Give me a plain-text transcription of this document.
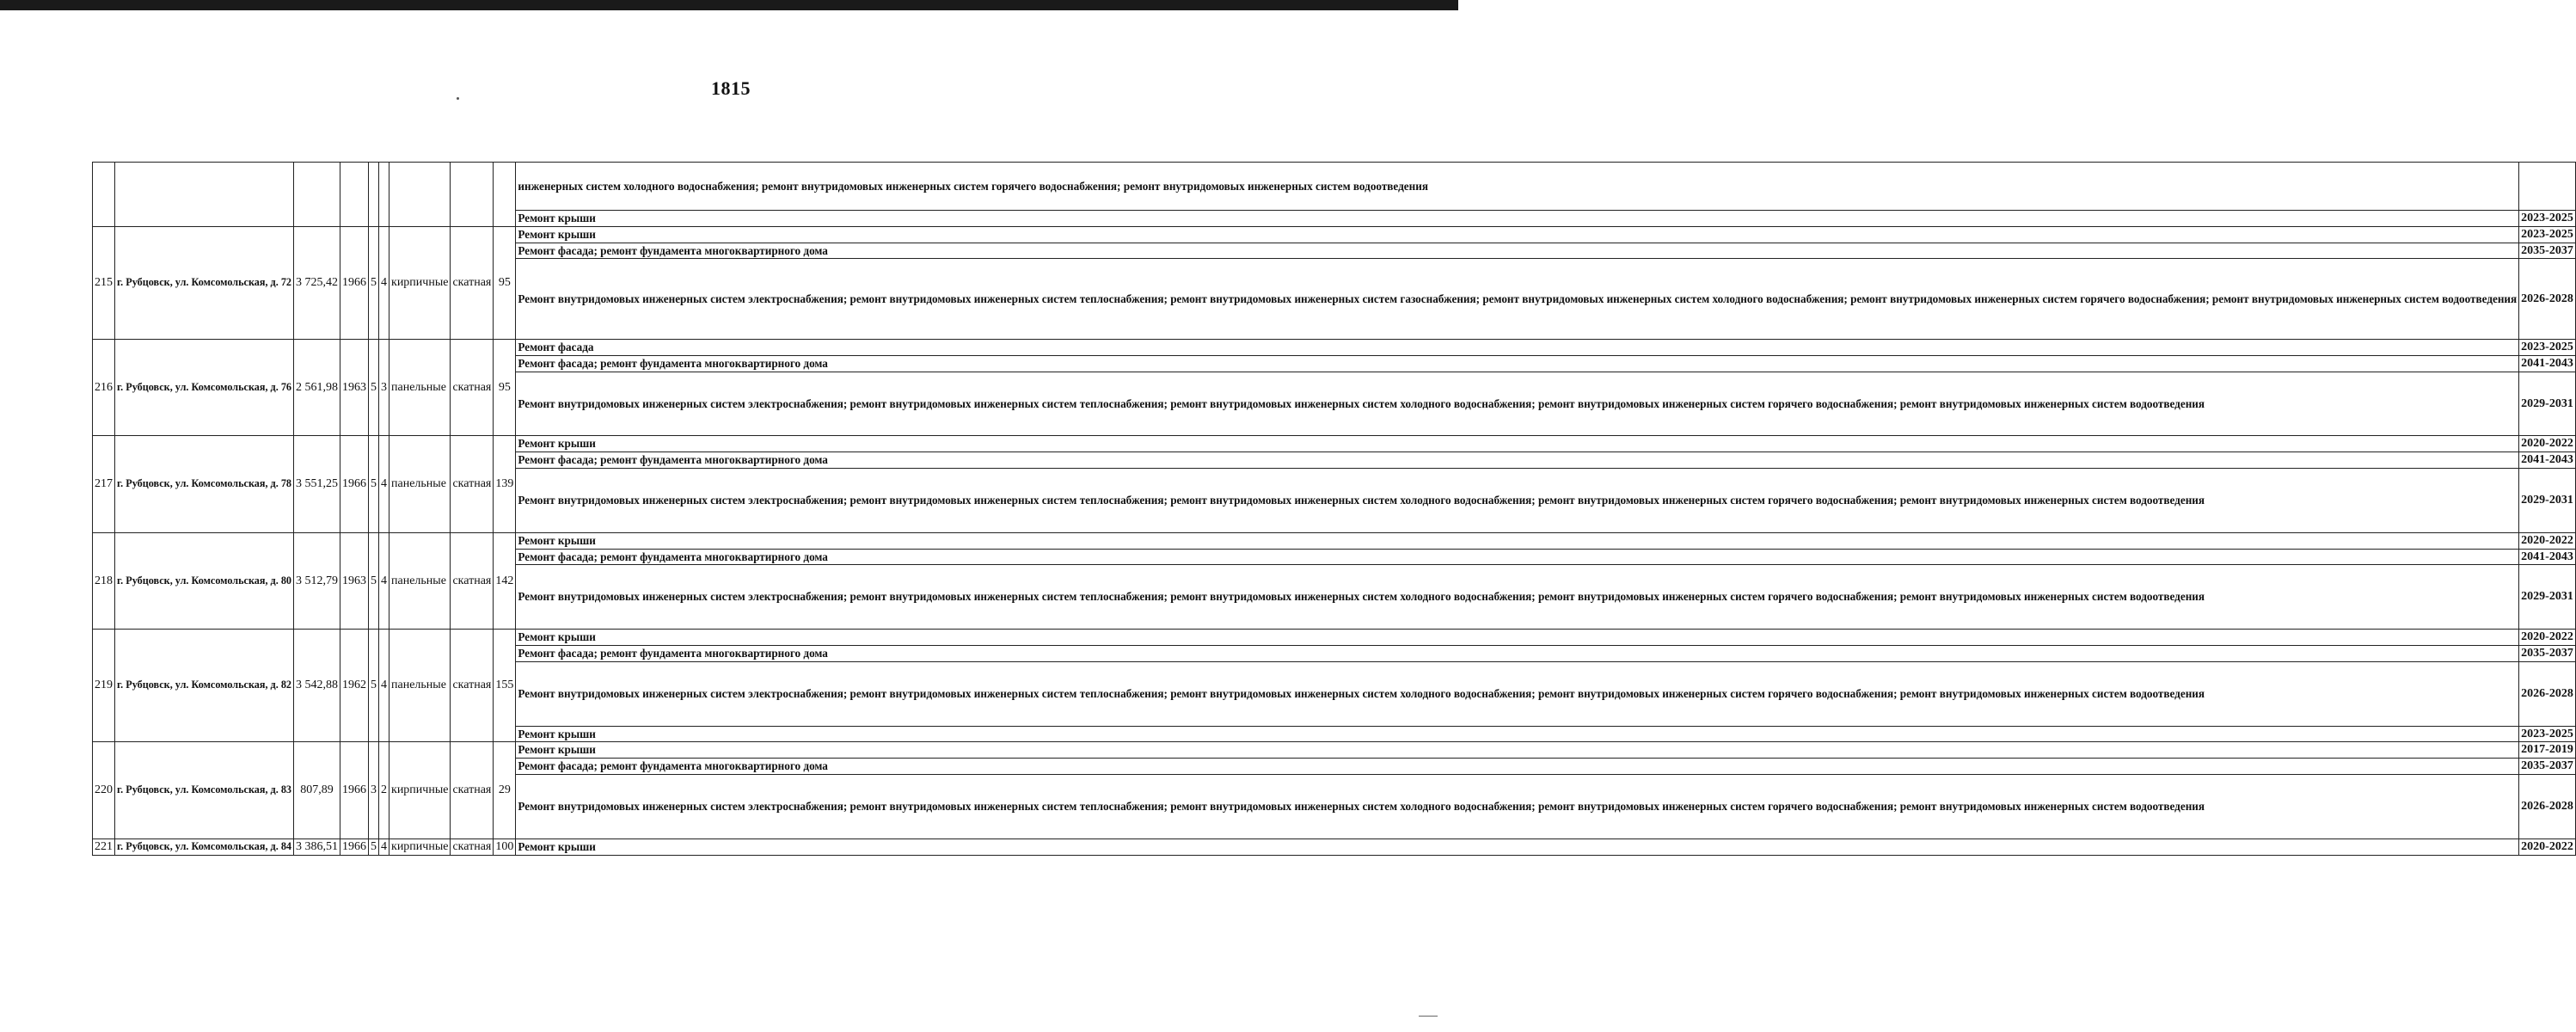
1815
									инженерных систем холодного водоснабжения; ремонт внутридомовых инженерных систем горячего водоснабжения; ремонт внутридомовых инженерных систем водоотведения	
									Ремонт крыши	2023-2025
215	г. Рубцовск, ул. Комсомольская, д. 72	3 725,42	1966	5	4	кирпичные	скатная	95	Ремонт крыши	2023-2025
									Ремонт фасада; ремонт фундамента многоквартирного дома	2035-2037
									Ремонт внутридомовых инженерных систем электроснабжения; ремонт внутридомовых инженерных систем теплоснабжения; ремонт внутридомовых инженерных систем газоснабжения; ремонт внутридомовых инженерных систем холодного водоснабжения; ремонт внутридомовых инженерных систем горячего водоснабжения; ремонт внутридомовых инженерных систем водоотведения	2026-2028
216	г. Рубцовск, ул. Комсомольская, д. 76	2 561,98	1963	5	3	панельные	скатная	95	Ремонт фасада	2023-2025
									Ремонт фасада; ремонт фундамента многоквартирного дома	2041-2043
									Ремонт внутридомовых инженерных систем электроснабжения; ремонт внутридомовых инженерных систем теплоснабжения; ремонт внутридомовых инженерных систем холодного водоснабжения; ремонт внутридомовых инженерных систем горячего водоснабжения; ремонт внутридомовых инженерных систем водоотведения	2029-2031
217	г. Рубцовск, ул. Комсомольская, д. 78	3 551,25	1966	5	4	панельные	скатная	139	Ремонт крыши	2020-2022
									Ремонт фасада; ремонт фундамента многоквартирного дома	2041-2043
									Ремонт внутридомовых инженерных систем электроснабжения; ремонт внутридомовых инженерных систем теплоснабжения; ремонт внутридомовых инженерных систем холодного водоснабжения; ремонт внутридомовых инженерных систем горячего водоснабжения; ремонт внутридомовых инженерных систем водоотведения	2029-2031
218	г. Рубцовск, ул. Комсомольская, д. 80	3 512,79	1963	5	4	панельные	скатная	142	Ремонт крыши	2020-2022
									Ремонт фасада; ремонт фундамента многоквартирного дома	2041-2043
									Ремонт внутридомовых инженерных систем электроснабжения; ремонт внутридомовых инженерных систем теплоснабжения; ремонт внутридомовых инженерных систем холодного водоснабжения; ремонт внутридомовых инженерных систем горячего водоснабжения; ремонт внутридомовых инженерных систем водоотведения	2029-2031
219	г. Рубцовск, ул. Комсомольская, д. 82	3 542,88	1962	5	4	панельные	скатная	155	Ремонт крыши	2020-2022
									Ремонт фасада; ремонт фундамента многоквартирного дома	2035-2037
									Ремонт внутридомовых инженерных систем электроснабжения; ремонт внутридомовых инженерных систем теплоснабжения; ремонт внутридомовых инженерных систем холодного водоснабжения; ремонт внутридомовых инженерных систем горячего водоснабжения; ремонт внутридомовых инженерных систем водоотведения	2026-2028
									Ремонт крыши	2023-2025
220	г. Рубцовск, ул. Комсомольская, д. 83	807,89	1966	3	2	кирпичные	скатная	29	Ремонт крыши	2017-2019
									Ремонт фасада; ремонт фундамента многоквартирного дома	2035-2037
									Ремонт внутридомовых инженерных систем электроснабжения; ремонт внутридомовых инженерных систем теплоснабжения; ремонт внутридомовых инженерных систем холодного водоснабжения; ремонт внутридомовых инженерных систем горячего водоснабжения; ремонт внутридомовых инженерных систем водоотведения	2026-2028
221	г. Рубцовск, ул. Комсомольская, д. 84	3 386,51	1966	5	4	кирпичные	скатная	100	Ремонт крыши	2020-2022
